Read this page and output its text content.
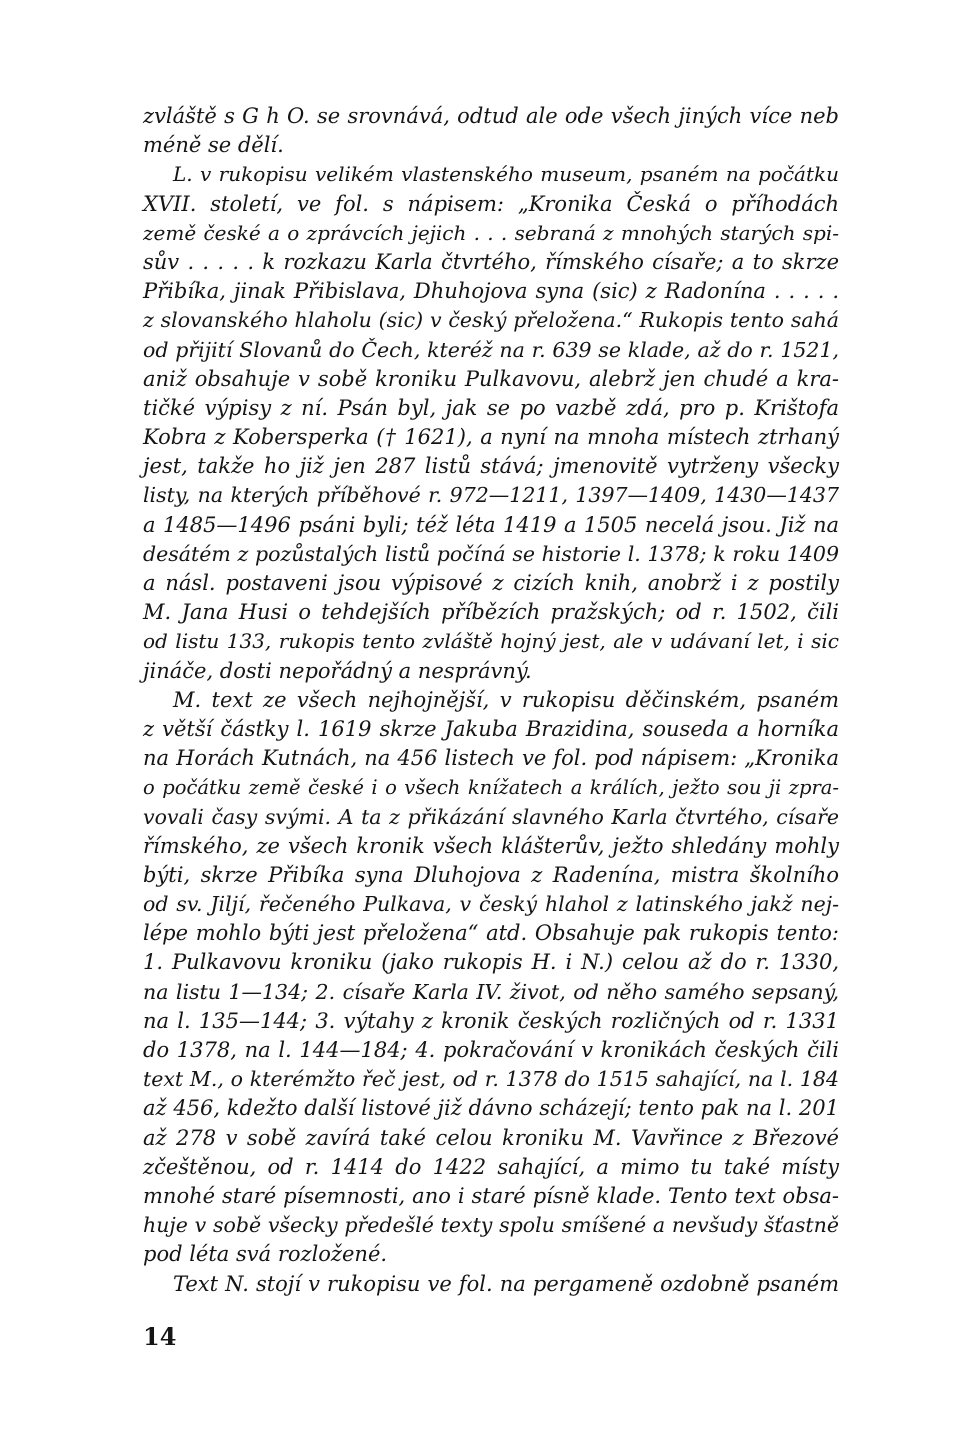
zvláště s G h O. se srovnává, odtud ale ode všech jiných více neb
méně se dělí.
L. v rukopisu velikém vlastenského museum, psaném na počátku
XVII. století, ve fol. s nápisem: „Kronika Česká o příhodách
země české a o zprávcích jejich . . . sebraná z mnohých starých spi-
sův . . . . . k rozkazu Karla čtvrtého, římského císaře; a to skrze
Přibíka, jinak Přibislava, Dhuhojova syna (sic) z Radonína . . . . .
z slovanského hlaholu (sic) v český přeložena.“ Rukopis tento sahá
od přijití Slovanů do Čech, kteréž na r. 639 se klade, až do r. 1521,
aniž obsahuje v sobě kroniku Pulkavovu, alebrž jen chudé a kra-
tičké výpisy z ní. Psán byl, jak se po vazbě zdá, pro p. Krištofa
Kobra z Kobersperka († 1621), a nyní na mnoha místech ztrhaný
jest, takže ho již jen 287 listů stává; jmenovitě vytrženy všecky
listy, na kterých příběhové r. 972—1211, 1397—1409, 1430—1437
a 1485—1496 psáni byli; též léta 1419 a 1505 necelá jsou. Již na
desátém z pozůstalých listů počíná se historie l. 1378; k roku 1409
a násl. postaveni jsou výpisové z cizích knih, anobrž i z postily
M. Jana Husi o tehdejších příbězích pražských; od r. 1502, čili
od listu 133, rukopis tento zvláště hojný jest, ale v udávaní let, i sic
jináče, dosti nepořádný a nesprávný.
M. text ze všech nejhojnější, v rukopisu děčinském, psaném
z větší částky l. 1619 skrze Jakuba Brazidina, souseda a horníka
na Horách Kutnách, na 456 listech ve fol. pod nápisem: „Kronika
o počátku země české i o všech knížatech a králích, ježto sou ji zpra-
vovali časy svými. A ta z přikázání slavného Karla čtvrtého, císaře
římského, ze všech kronik všech klášterův, ježto shledány mohly
býti, skrze Přibíka syna Dluhojova z Radenína, mistra školního
od sv. Jiljí, řečeného Pulkava, v český hlahol z latinského jakž nej-
lépe mohlo býti jest přeložena“ atd. Obsahuje pak rukopis tento:
1. Pulkavovu kroniku (jako rukopis H. i N.) celou až do r. 1330,
na listu 1—134; 2. císaře Karla IV. život, od něho samého sepsaný,
na l. 135—144; 3. výtahy z kronik českých rozličných od r. 1331
do 1378, na l. 144—184; 4. pokračování v kronikách českých čili
text M., o kterémžto řeč jest, od r. 1378 do 1515 sahající, na l. 184
až 456, kdežto další listové již dávno scházejí; tento pak na l. 201
až 278 v sobě zavírá také celou kroniku M. Vavřince z Březové
zčeštěnou, od r. 1414 do 1422 sahající, a mimo tu také místy
mnohé staré písemnosti, ano i staré písně klade. Tento text obsa-
huje v sobě všecky předešlé texty spolu smíšené a nevšudy šťastně
pod léta svá rozložené.
Text N. stojí v rukopisu ve fol. na pergameně ozdobně psaném
14
